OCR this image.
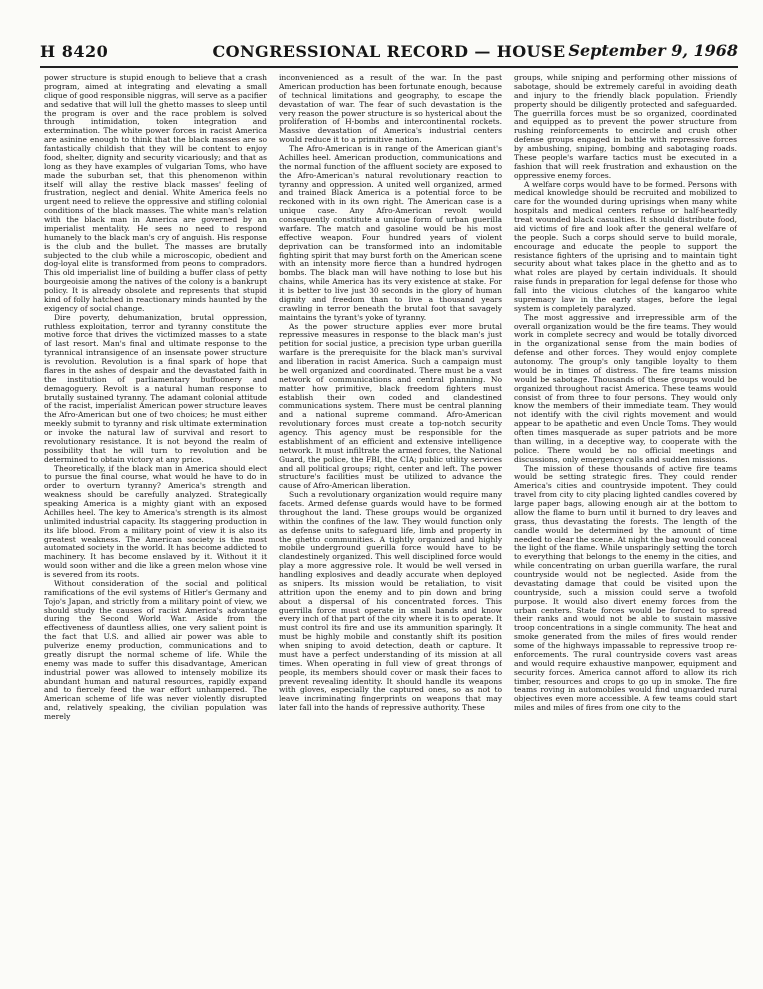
H 8420	CONGRESSIONAL RECORD — HOUSE September 9, 1968

power structure is stupid enough to believe that a crash program, aimed at integrating and elevating a small clique of good responsible niggras, will serve as a pacifier and sedative that will lull the ghetto masses to sleep until the program is over and the race problem is solved through intimidation, token integration and extermination. The white power forces in racist America are asinine enough to think that the black masses are so fantastically childish that they will be content to enjoy food, shelter, dignity and security vicariously; and that as long as they have examples of vulgarian Toms, who have made the suburban set, that this phenomenon within itself will allay the restive black masses' feeling of frustration, neglect and denial. White America feels no urgent need to relieve the oppressive and stifling colonial conditions of the black masses. The white man's relation with the black man in America are governed by an imperialist mentality. He sees no need to respond humanely to the black man's cry of anguish. His response is the club and the bullet. The masses are brutally subjected to the club while a microscopic, obedient and dog-loyal elite is transformed from peons to compradors. This old imperialist line of building a buffer class of petty bourgeoisie among the natives of the colony is a bankrupt policy. It is already obsolete and represents that stupid kind of folly hatched in reactionary minds haunted by the exigency of social change.

Dire poverty, dehumanization, brutal oppression, ruthless exploitation, terror and tyranny constitute the motive force that drives the victimized masses to a state of last resort. Man's final and ultimate response to the tyrannical intransigence of an insensate power structure is revolution. Revolution is a final spark of hope that flares in the ashes of despair and the devastated faith in the institution of parliamentary buffoonery and demagoguery. Revolt is a natural human response to brutally sustained tyranny. The adamant colonial attitude of the racist, imperialist American power structure leaves the Afro-American but one of two choices; he must either meekly submit to tyranny and risk ultimate extermination or invoke the natural law of survival and resort to revolutionary resistance. It is not beyond the realm of possibility that he will turn to revolution and be determined to obtain victory at any price.

Theoretically, if the black man in America should elect to pursue the final course, what would he have to do in order to overturn tyranny? America's strength and weakness should be carefully analyzed. Strategically speaking America is a mighty giant with an exposed Achilles heel. The key to America's strength is its almost unlimited industrial capacity. Its staggering production in its life blood. From a military point of view it is also its greatest weakness. The American society is the most automated society in the world. It has become addicted to machinery. It has become enslaved by it. Without it it would soon wither and die like a green melon whose vine is severed from its roots.

Without consideration of the social and political ramifications of the evil systems of Hitler's Germany and Tojo's Japan, and strictly from a military point of view, we should study the causes of racist America's advantage during the Second World War. Aside from the effectiveness of dauntless allies, one very salient point is the fact that U.S. and allied air power was able to pulverize enemy production, communications and to greatly disrupt the normal scheme of life. While the enemy was made to suffer this disadvantage, American industrial power was allowed to intensely mobilize its abundant human and natural resources, rapidly expand and to fiercely feed the war effort unhampered. The American scheme of life was never violently disrupted and, relatively speaking, the civilian population was merely

inconvenienced as a result of the war. In the past American production has been fortunate enough, because of technical limitations and geography, to escape the devastation of war. The fear of such devastation is the very reason the power structure is so hysterical about the proliferation of H-bombs and intercontinental rockets. Massive devastation of America's industrial centers would reduce it to a primitive nation.

The Afro-American is in range of the American giant's Achilles heel. American production, communications and the normal function of the affluent society are exposed to the Afro-American's natural revolutionary reaction to tyranny and oppression. A united well organized, armed and trained Black America is a potential force to be reckoned with in its own right. The American case is a unique case. Any Afro-American revolt would consequently constitute a unique form of urban guerilla warfare. The match and gasoline would be his most effective weapon. Four hundred years of violent deprivation can be transformed into an indomitable fighting spirit that may burst forth on the American scene with an intensity more fierce than a hundred hydrogen bombs. The black man will have nothing to lose but his chains, while America has its very existence at stake. For it is better to live just 30 seconds in the glory of human dignity and freedom than to live a thousand years crawling in terror beneath the brutal foot that savagely maintains the tyrant's yoke of tyranny.

As the power structure applies ever more brutal repressive measures in response to the black man's just petition for social justice, a precision type urban guerilla warfare is the prerequisite for the black man's survival and liberation in racist America. Such a campaign must be well organized and coordinated. There must be a vast network of communications and central planning. No matter how primitive, black freedom fighters must establish their own coded and clandestined communications system. There must be central planning and a national supreme command. Afro-American revolutionary forces must create a top-notch security agency. This agency must be responsible for the establishment of an efficient and extensive intelligence network. It must infiltrate the armed forces, the National Guard, the police, the FBI, the CIA; public utility services and all political groups; right, center and left. The power structure's facilities must be utilized to advance the cause of Afro-American liberation.

Such a revolutionary organization would require many facets. Armed defense guards would have to be formed throughout the land. These groups would be organized within the confines of the law. They would function only as defense units to safeguard life, limb and property in the ghetto communities. A tightly organized and highly mobile underground guerilla force would have to be clandestinely organized. This well disciplined force would play a more aggressive role. It would be well versed in handling explosives and deadly accurate when deployed as snipers. Its mission would be retaliation, to visit attrition upon the enemy and to pin down and bring about a dispersal of his concentrated forces. This guerrilla force must operate in small bands and know every inch of that part of the city where it is to operate. It must control its fire and use its ammunition sparingly. It must be highly mobile and constantly shift its position when sniping to avoid detection, death or capture. It must have a perfect understanding of its mission at all times. When operating in full view of great throngs of people, its members should cover or mask their faces to prevent revealing identity. It should handle its weapons with gloves, especially the captured ones, so as not to leave incriminating fingerprints on weapons that may later fall into the hands of repressive authority. These

groups, while sniping and performing other missions of sabotage, should be extremely careful in avoiding death and injury to the friendly black population. Friendly property should be diligently protected and safeguarded. The guerrilla forces must be so organized, coordinated and equipped as to prevent the power structure from rushing reinforcements to encircle and crush other defense groups engaged in battle with repressive forces by ambushing, sniping, bombing and sabotaging roads. These people's warfare tactics must be executed in a fashion that will reek frustration and exhaustion on the oppressive enemy forces.

A welfare corps would have to be formed. Persons with medical knowledge should be recruited and mobilized to care for the wounded during uprisings when many white hospitals and medical centers refuse or half-heartedly treat wounded black casualties. It should distribute food, aid victims of fire and look after the general welfare of the people. Such a corps should serve to build morale, encourage and educate the people to support the resistance fighters of the uprising and to maintain tight security about what takes place in the ghetto and as to what roles are played by certain individuals. It should raise funds in preparation for legal defense for those who fall into the vicious clutches of the kangaroo white supremacy law in the early stages, before the legal system is completely paralyzed.

The most aggressive and irrepressible arm of the overall organization would be the fire teams. They would work in complete secrecy and would be totally divorced in the organizational sense from the main bodies of defense and other forces. They would enjoy complete autonomy. The group's only tangible loyalty to them would be in times of distress. The fire teams mission would be sabotage. Thousands of these groups would be organized throughout racist America. These teams would consist of from three to four persons. They would only know the members of their immediate team. They would not identify with the civil rights movement and would appear to be apathetic and even Uncle Toms. They would often times masquerade as super patriots and be more than willing, in a deceptive way, to cooperate with the police. There would be no official meetings and discussions, only emergency calls and sudden missions.

The mission of these thousands of active fire teams would be setting strategic fires. They could render America's cities and countryside impotent. They could travel from city to city placing lighted candles covered by large paper bags, allowing enough air at the bottom to allow the flame to burn until it burned to dry leaves and grass, thus devastating the forests. The length of the candle would be determined by the amount of time needed to clear the scene. At night the bag would conceal the light of the flame. While unsparingly setting the torch to everything that belongs to the enemy in the cities, and while concentrating on urban guerilla warfare, the rural countryside would not be neglected. Aside from the devastating damage that could be visited upon the countryside, such a mission could serve a twofold purpose. It would also divert enemy forces from the urban centers. State forces would be forced to spread their ranks and would not be able to sustain massive troop concentrations in a single community. The heat and smoke generated from the miles of fires would render some of the highways impassable to repressive troop re-enforcements. The rural countryside covers vast areas and would require exhaustive manpower, equipment and security forces. America cannot afford to allow its rich timber, resources and crops to go up in smoke. The fire teams roving in automobiles would find unguarded rural objectives even more accessible. A few teams could start miles and miles of fires from one city to the
